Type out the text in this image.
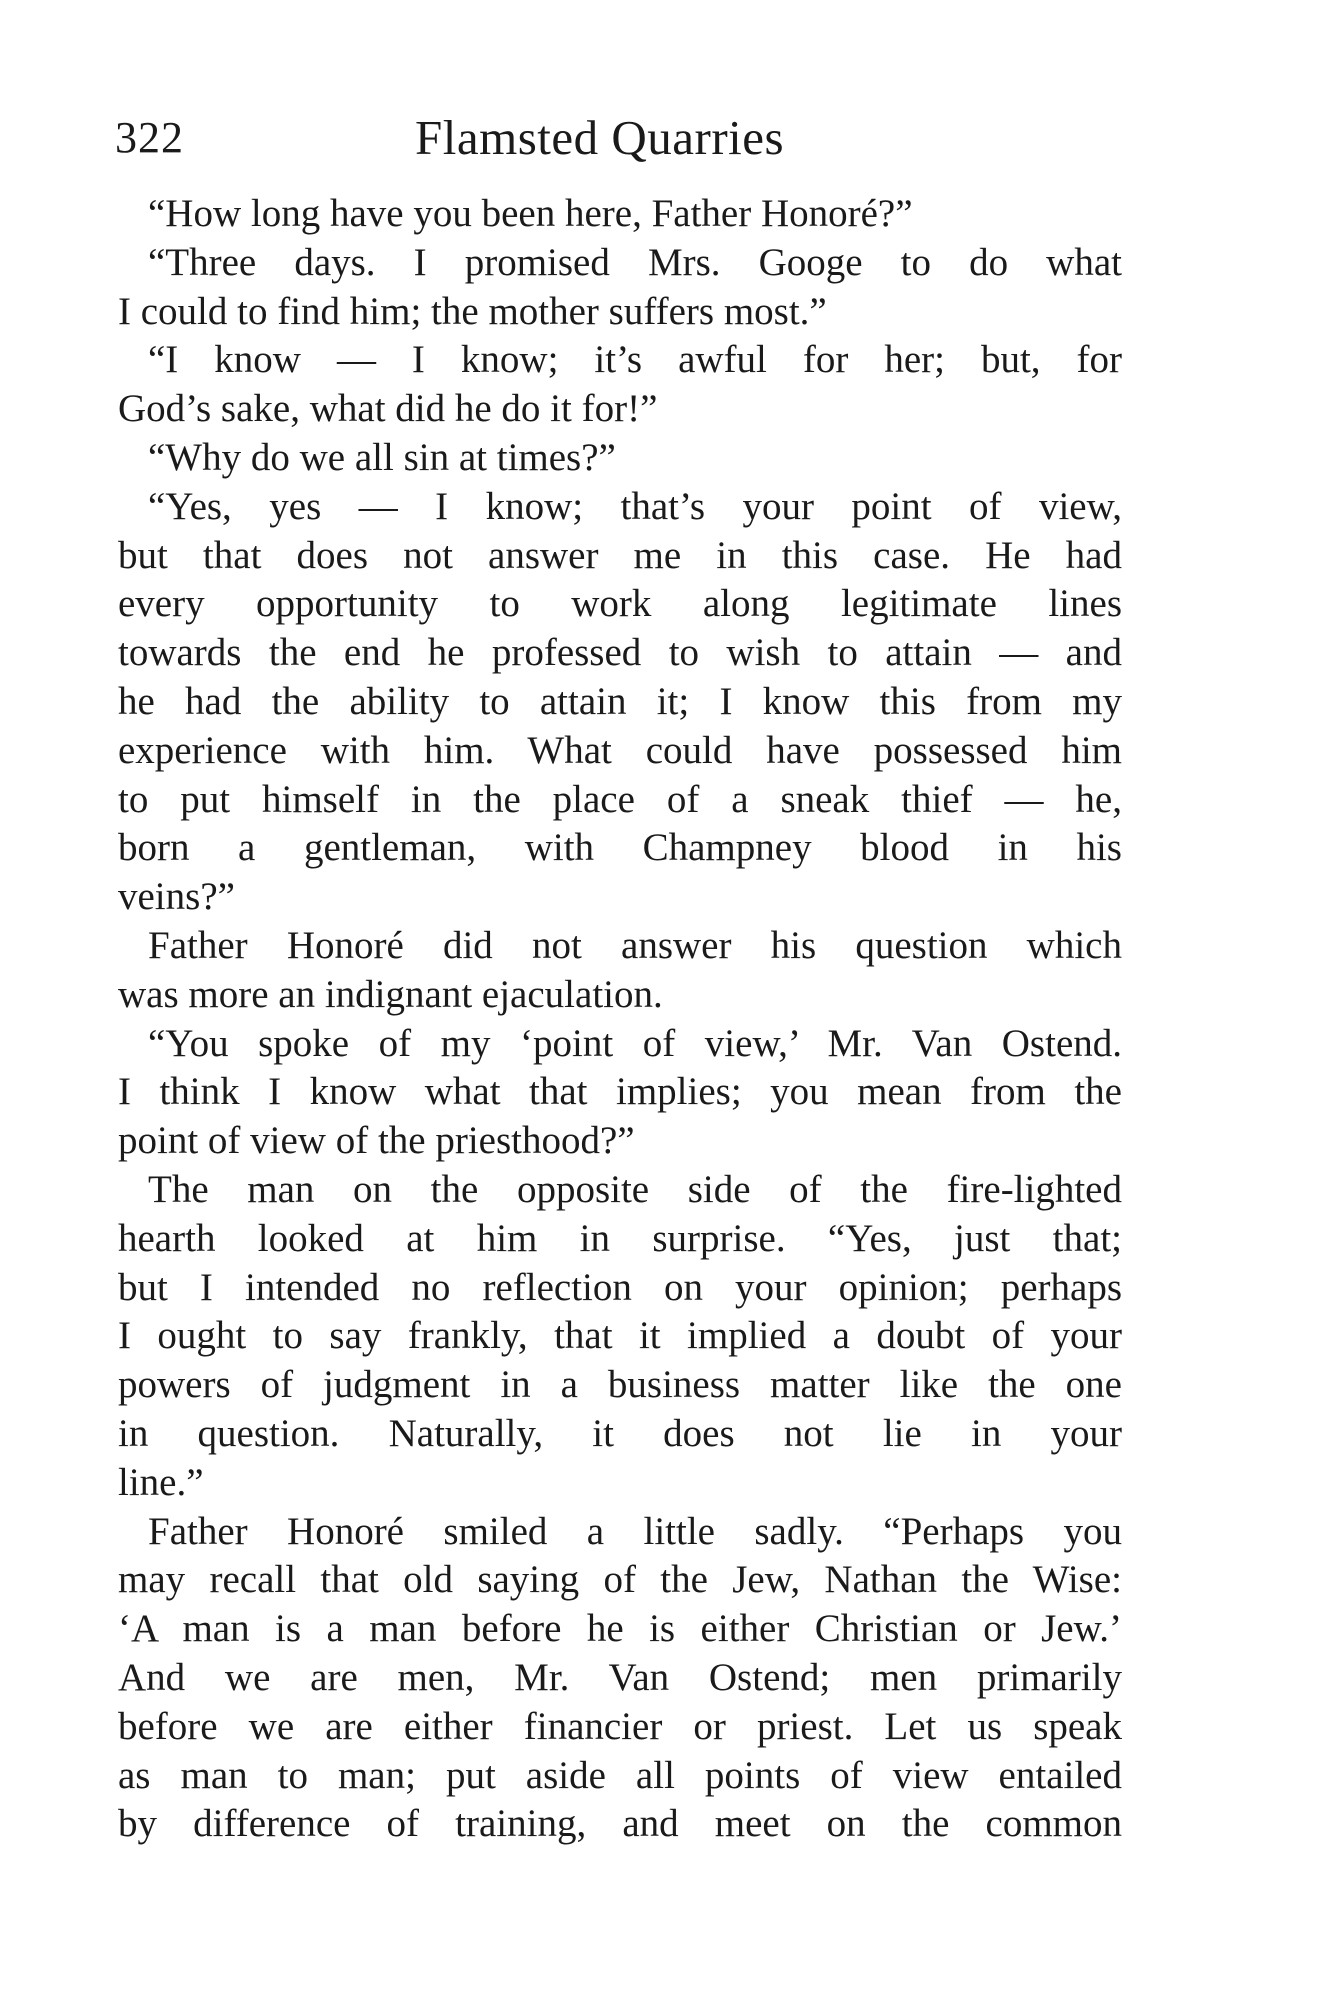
322	Flamsted Quarries
“How long have you been here, Father Honoré?”
“Three days. I promised Mrs. Googe to do what
I could to find him; the mother suffers most.”
“I know — I know; it’s awful for her; but, for
God’s sake, what did he do it for!”
“Why do we all sin at times?”
“Yes, yes — I know; that’s your point of view,
but that does not answer me in this case. He had
every opportunity to work along legitimate lines
towards the end he professed to wish to attain — and
he had the ability to attain it; I know this from my
experience with him. What could have possessed him
to put himself in the place of a sneak thief — he,
born a gentleman, with Champney blood in his
veins?”
Father Honoré did not answer his question which
was more an indignant ejaculation.
“You spoke of my ‘point of view,’ Mr. Van Ostend.
I think I know what that implies; you mean from the
point of view of the priesthood?”
The man on the opposite side of the fire-lighted
hearth looked at him in surprise. “Yes, just that;
but I intended no reflection on your opinion; perhaps
I ought to say frankly, that it implied a doubt of your
powers of judgment in a business matter like the one
in question. Naturally, it does not lie in your
line.”
Father Honoré smiled a little sadly. “Perhaps you
may recall that old saying of the Jew, Nathan the Wise:
‘A man is a man before he is either Christian or Jew.’
And we are men, Mr. Van Ostend; men primarily
before we are either financier or priest. Let us speak
as man to man; put aside all points of view entailed
by difference of training, and meet on the common
